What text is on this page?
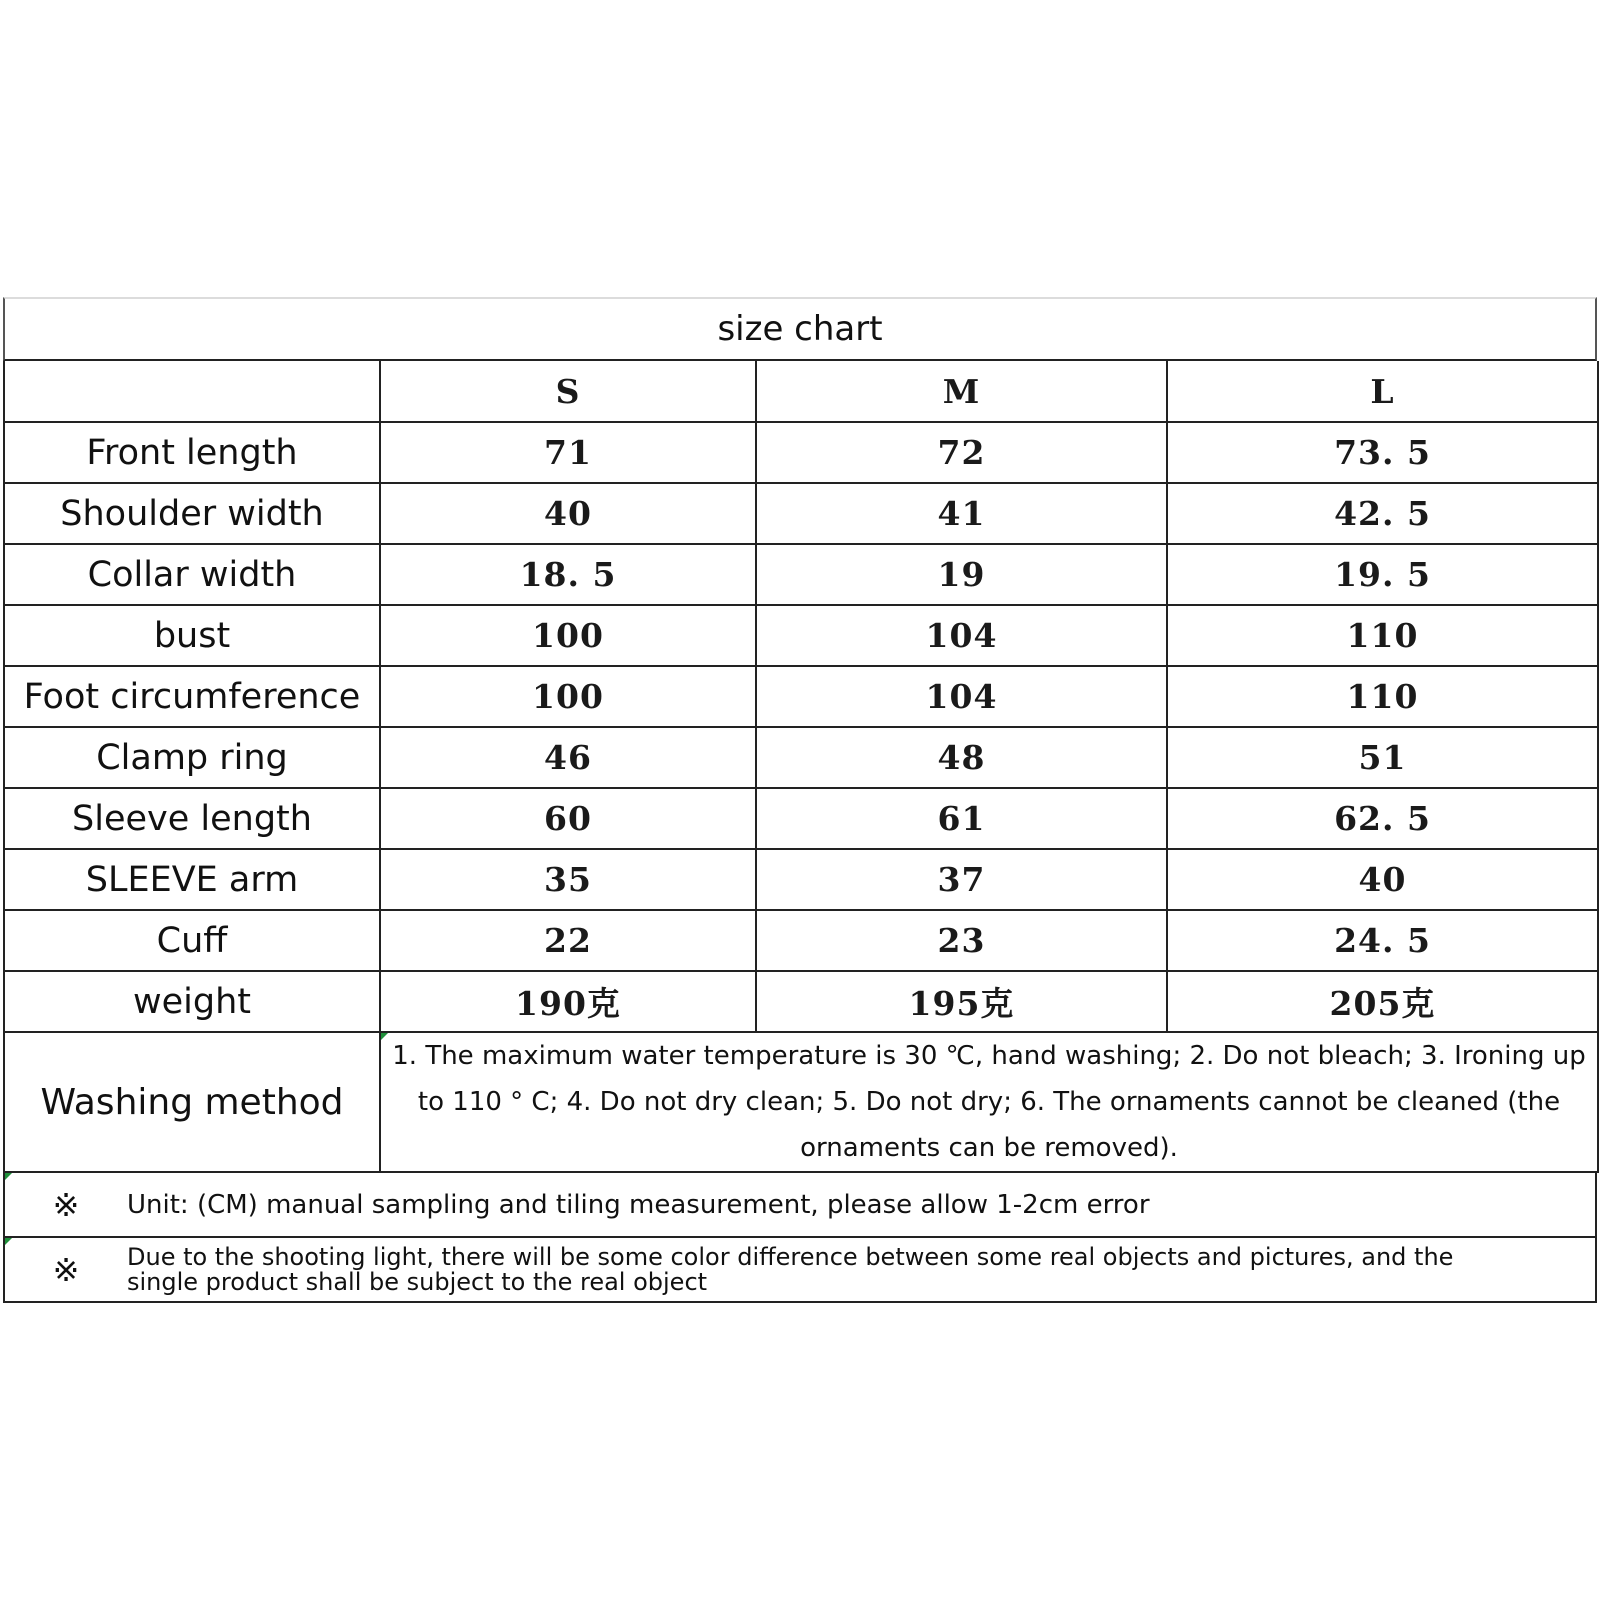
size chart
	S	M	L
Front length	71	72	73. 5
Shoulder width	40	41	42. 5
Collar width	18. 5	19	19. 5
bust	100	104	110
Foot circumference	100	104	110
Clamp ring	46	48	51
Sleeve length	60	61	62. 5
SLEEVE arm	35	37	40
Cuff	22	23	24. 5
weight	190克	195克	205克
Washing method	1. The maximum water temperature is 30 ℃, hand washing; 2. Do not bleach; 3. Ironing up to 110 ° C; 4. Do not dry clean; 5. Do not dry; 6. The ornaments cannot be cleaned (the ornaments can be removed).		
※	Unit: (CM) manual sampling and tiling measurement, please allow 1-2cm error
※	Due to the shooting light, there will be some color difference between some real objects and pictures, and the single product shall be subject to the real object
